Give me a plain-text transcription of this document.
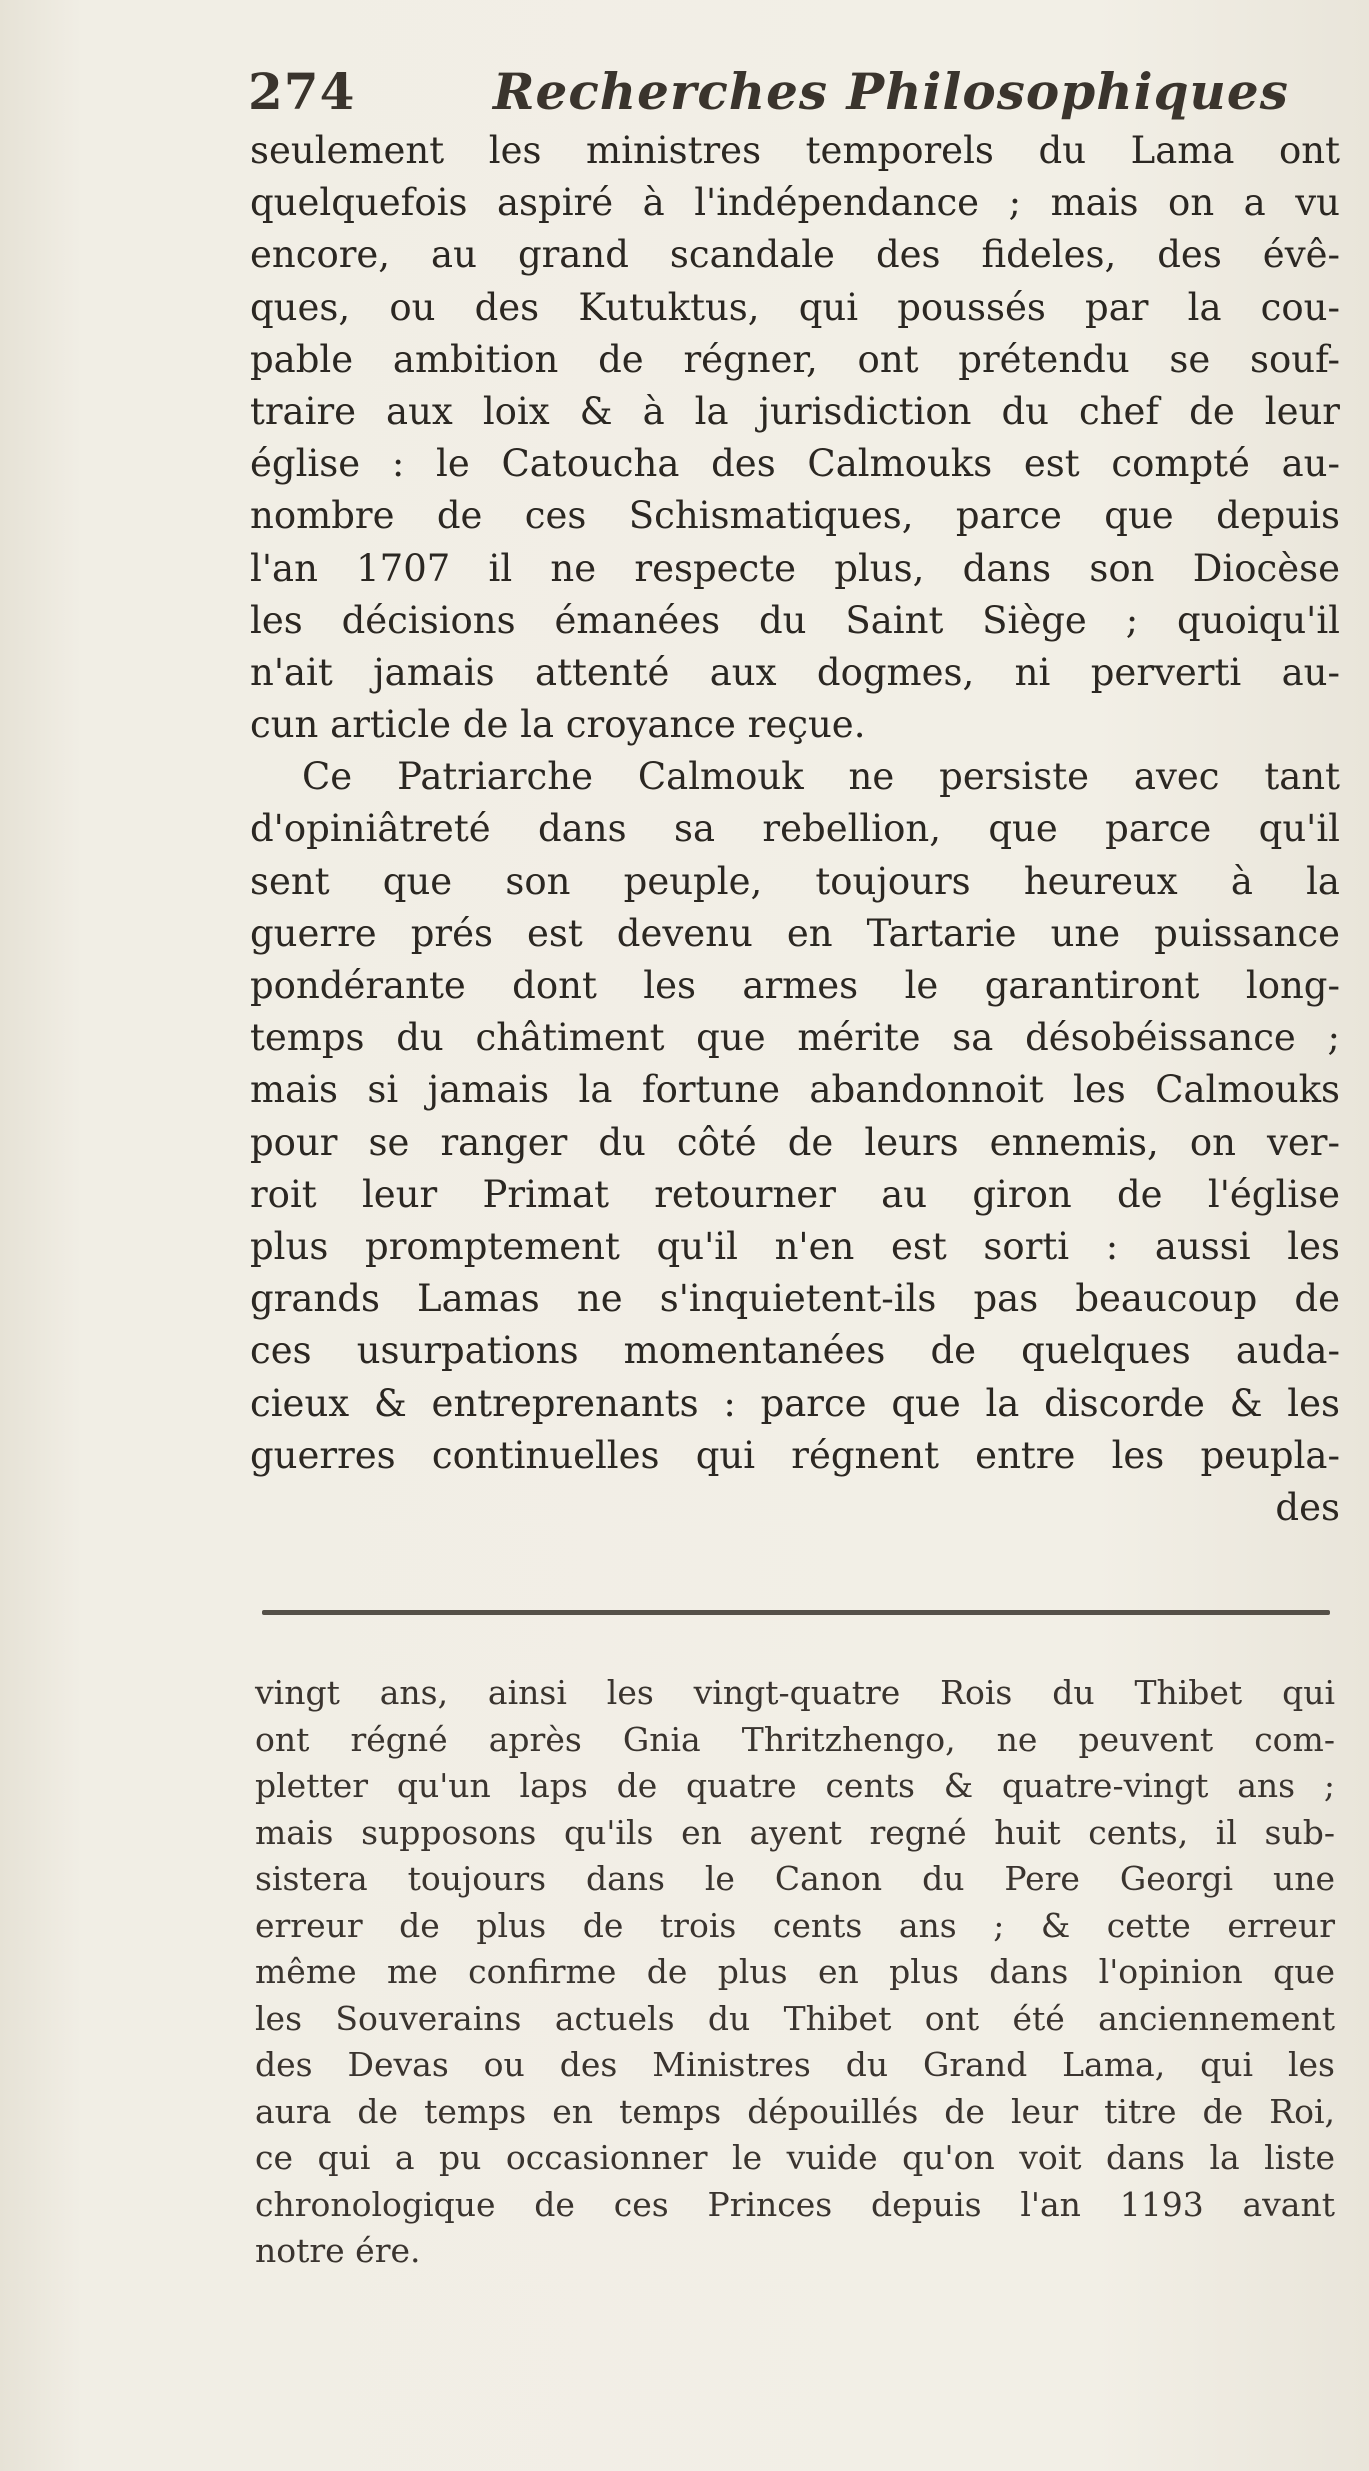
274	Recherches Philosophiques
seulement les ministres temporels du Lama ont
quelquefois aspiré à l'indépendance ; mais on a vu
encore, au grand scandale des fideles, des évê-
ques, ou des Kutuktus, qui poussés par la cou-
pable ambition de régner, ont prétendu se souf-
traire aux loix & à la jurisdiction du chef de leur
église : le Catoucha des Calmouks est compté au-
nombre de ces Schismatiques, parce que depuis
l'an 1707 il ne respecte plus, dans son Diocèse
les décisions émanées du Saint Siège ; quoiqu'il
n'ait jamais attenté aux dogmes, ni perverti au-
cun article de la croyance reçue.
Ce Patriarche Calmouk ne persiste avec tant
d'opiniâtreté dans sa rebellion, que parce qu'il
sent que son peuple, toujours heureux à la
guerre prés est devenu en Tartarie une puissance
pondérante dont les armes le garantiront long-
temps du châtiment que mérite sa désobéissance ;
mais si jamais la fortune abandonnoit les Calmouks
pour se ranger du côté de leurs ennemis, on ver-
roit leur Primat retourner au giron de l'église
plus promptement qu'il n'en est sorti : aussi les
grands Lamas ne s'inquietent-ils pas beaucoup de
ces usurpations momentanées de quelques auda-
cieux & entreprenants : parce que la discorde & les
guerres continuelles qui régnent entre les peupla-
des
vingt ans, ainsi les vingt-quatre Rois du Thibet qui
ont régné après Gnia Thritzhengo, ne peuvent com-
pletter qu'un laps de quatre cents & quatre-vingt ans ;
mais supposons qu'ils en ayent regné huit cents, il sub-
sistera toujours dans le Canon du Pere Georgi une
erreur de plus de trois cents ans ; & cette erreur
même me confirme de plus en plus dans l'opinion que
les Souverains actuels du Thibet ont été anciennement
des Devas ou des Ministres du Grand Lama, qui les
aura de temps en temps dépouillés de leur titre de Roi,
ce qui a pu occasionner le vuide qu'on voit dans la liste
chronologique de ces Princes depuis l'an 1193 avant
notre ére.
